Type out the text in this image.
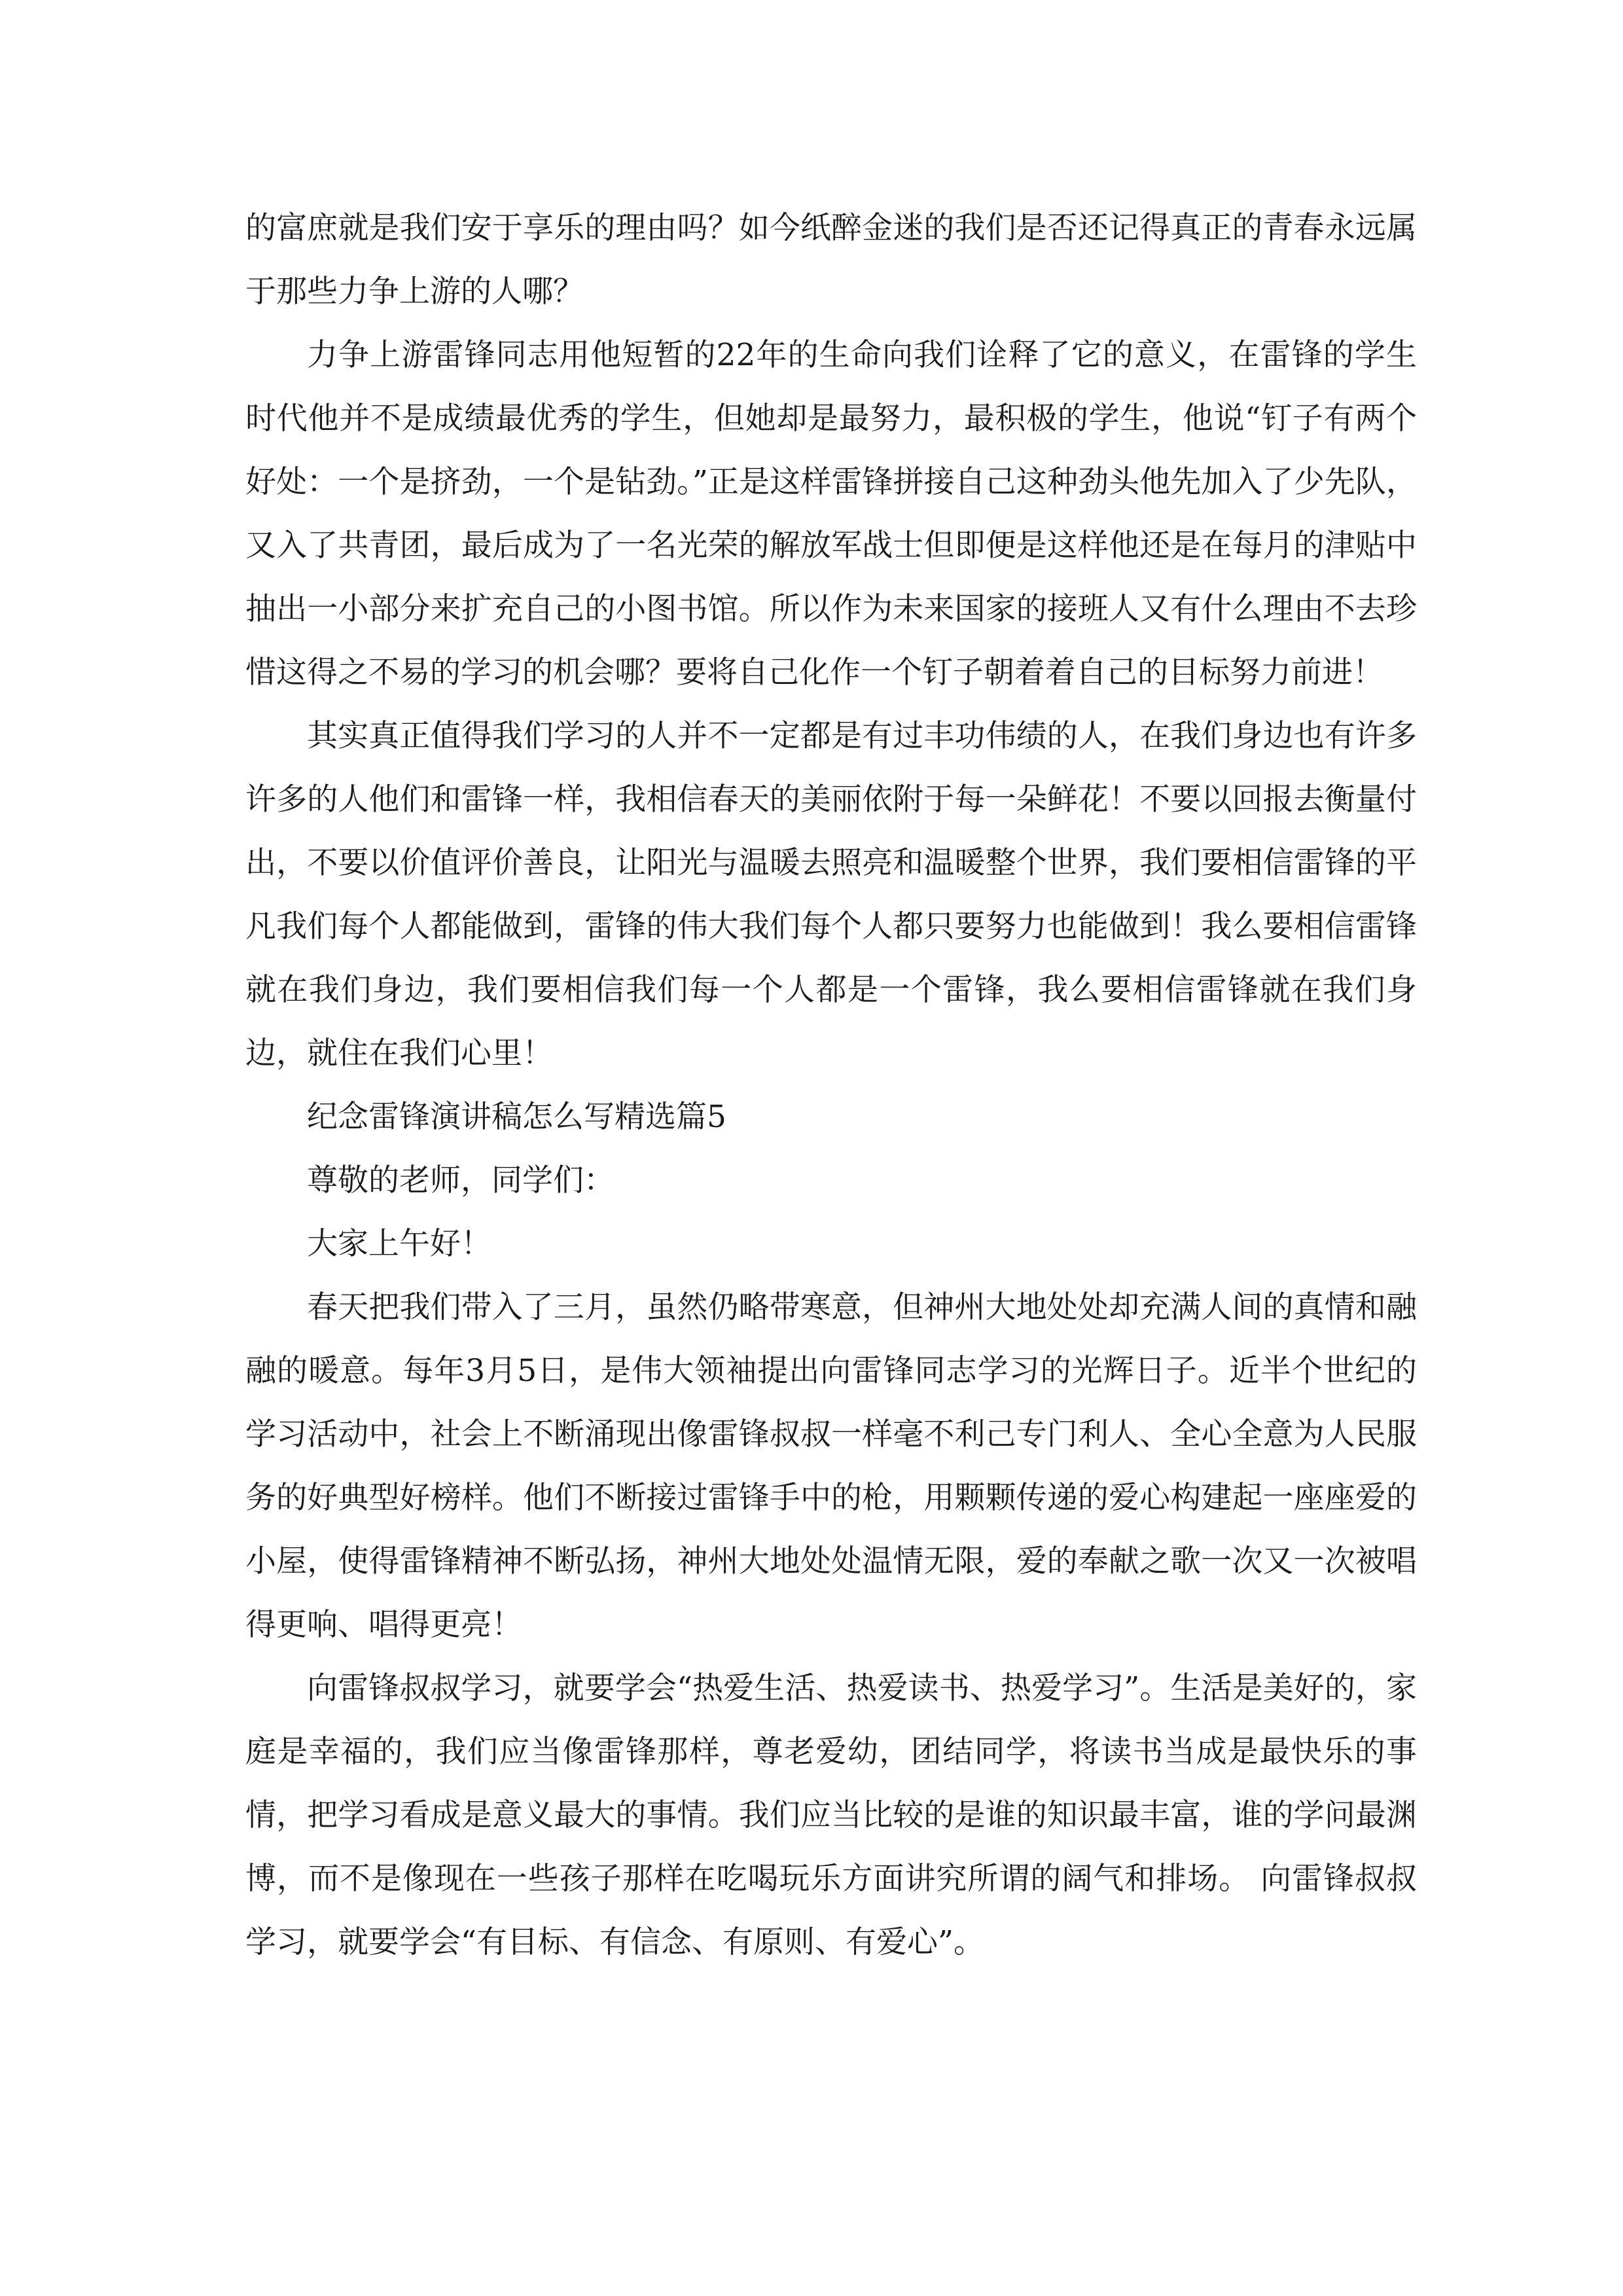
的富庶就是我们安于享乐的理由吗？如今纸醉金迷的我们是否还记得真正的青春永远属于那些力争上游的人哪？

力争上游雷锋同志用他短暂的22年的生命向我们诠释了它的意义，在雷锋的学生时代他并不是成绩最优秀的学生，但她却是最努力，最积极的学生，他说“钉子有两个好处：一个是挤劲，一个是钻劲。”正是这样雷锋拼接自己这种劲头他先加入了少先队，又入了共青团，最后成为了一名光荣的解放军战士但即便是这样他还是在每月的津贴中抽出一小部分来扩充自己的小图书馆。所以作为未来国家的接班人又有什么理由不去珍惜这得之不易的学习的机会哪？要将自己化作一个钉子朝着着自己的目标努力前进！

其实真正值得我们学习的人并不一定都是有过丰功伟绩的人，在我们身边也有许多许多的人他们和雷锋一样，我相信春天的美丽依附于每一朵鲜花！不要以回报去衡量付出，不要以价值评价善良，让阳光与温暖去照亮和温暖整个世界，我们要相信雷锋的平凡我们每个人都能做到，雷锋的伟大我们每个人都只要努力也能做到！我么要相信雷锋就在我们身边，我们要相信我们每一个人都是一个雷锋，我么要相信雷锋就在我们身边，就住在我们心里！

纪念雷锋演讲稿怎么写精选篇5

尊敬的老师，同学们：

大家上午好！

春天把我们带入了三月，虽然仍略带寒意，但神州大地处处却充满人间的真情和融融的暖意。每年3月5日，是伟大领袖提出向雷锋同志学习的光辉日子。近半个世纪的学习活动中，社会上不断涌现出像雷锋叔叔一样毫不利己专门利人、全心全意为人民服务的好典型好榜样。他们不断接过雷锋手中的枪，用颗颗传递的爱心构建起一座座爱的小屋，使得雷锋精神不断弘扬，神州大地处处温情无限，爱的奉献之歌一次又一次被唱得更响、唱得更亮！

向雷锋叔叔学习，就要学会“热爱生活、热爱读书、热爱学习”。生活是美好的，家庭是幸福的，我们应当像雷锋那样，尊老爱幼，团结同学，将读书当成是最快乐的事情，把学习看成是意义最大的事情。我们应当比较的是谁的知识最丰富，谁的学问最渊博，而不是像现在一些孩子那样在吃喝玩乐方面讲究所谓的阔气和排场。 向雷锋叔叔学习，就要学会“有目标、有信念、有原则、有爱心”。
